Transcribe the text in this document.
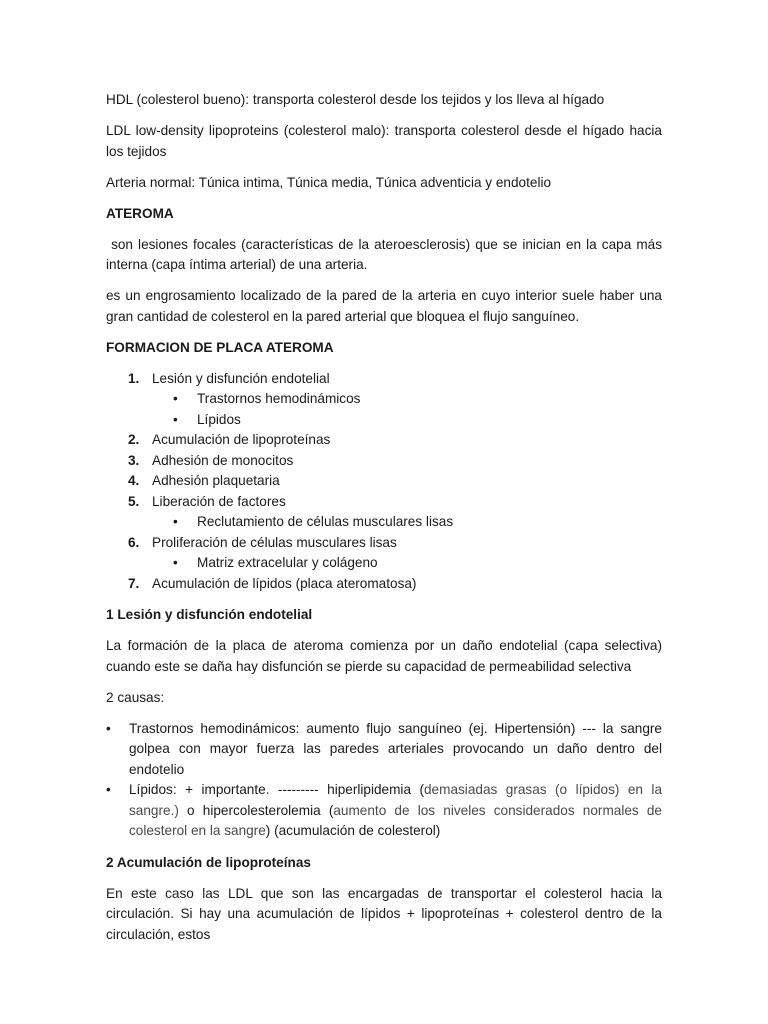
HDL (colesterol bueno): transporta colesterol desde los tejidos y los lleva al hígado

LDL low-density lipoproteins (colesterol malo): transporta colesterol desde el hígado hacia los tejidos

Arteria normal: Túnica intima, Túnica media, Túnica adventicia y endotelio

ATEROMA

son lesiones focales (características de la ateroesclerosis) que se inician en la capa más interna (capa íntima arterial) de una arteria.

es un engrosamiento localizado de la pared de la arteria en cuyo interior suele haber una gran cantidad de colesterol en la pared arterial que bloquea el flujo sanguíneo.

FORMACION DE PLACA ATEROMA

1. Lesión y disfunción endotelial
• Trastornos hemodinámicos
• Lípidos
2. Acumulación de lipoproteínas
3. Adhesión de monocitos
4. Adhesión plaquetaria
5. Liberación de factores
• Reclutamiento de células musculares lisas
6. Proliferación de células musculares lisas
• Matriz extracelular y colágeno
7. Acumulación de lípidos (placa ateromatosa)

1 Lesión y disfunción endotelial

La formación de la placa de ateroma comienza por un daño endotelial (capa selectiva) cuando este se daña hay disfunción se pierde su capacidad de permeabilidad selectiva

2 causas:

• Trastornos hemodinámicos: aumento flujo sanguíneo (ej. Hipertensión) --- la sangre golpea con mayor fuerza las paredes arteriales provocando un daño dentro del endotelio
• Lípidos: + importante. --------- hiperlipidemia (demasiadas grasas (o lípidos) en la sangre.) o hipercolesterolemia (aumento de los niveles considerados normales de colesterol en la sangre) (acumulación de colesterol)

2 Acumulación de lipoproteínas

En este caso las LDL que son las encargadas de transportar el colesterol hacia la circulación. Si hay una acumulación de lípidos + lipoproteínas + colesterol dentro de la circulación, estos
